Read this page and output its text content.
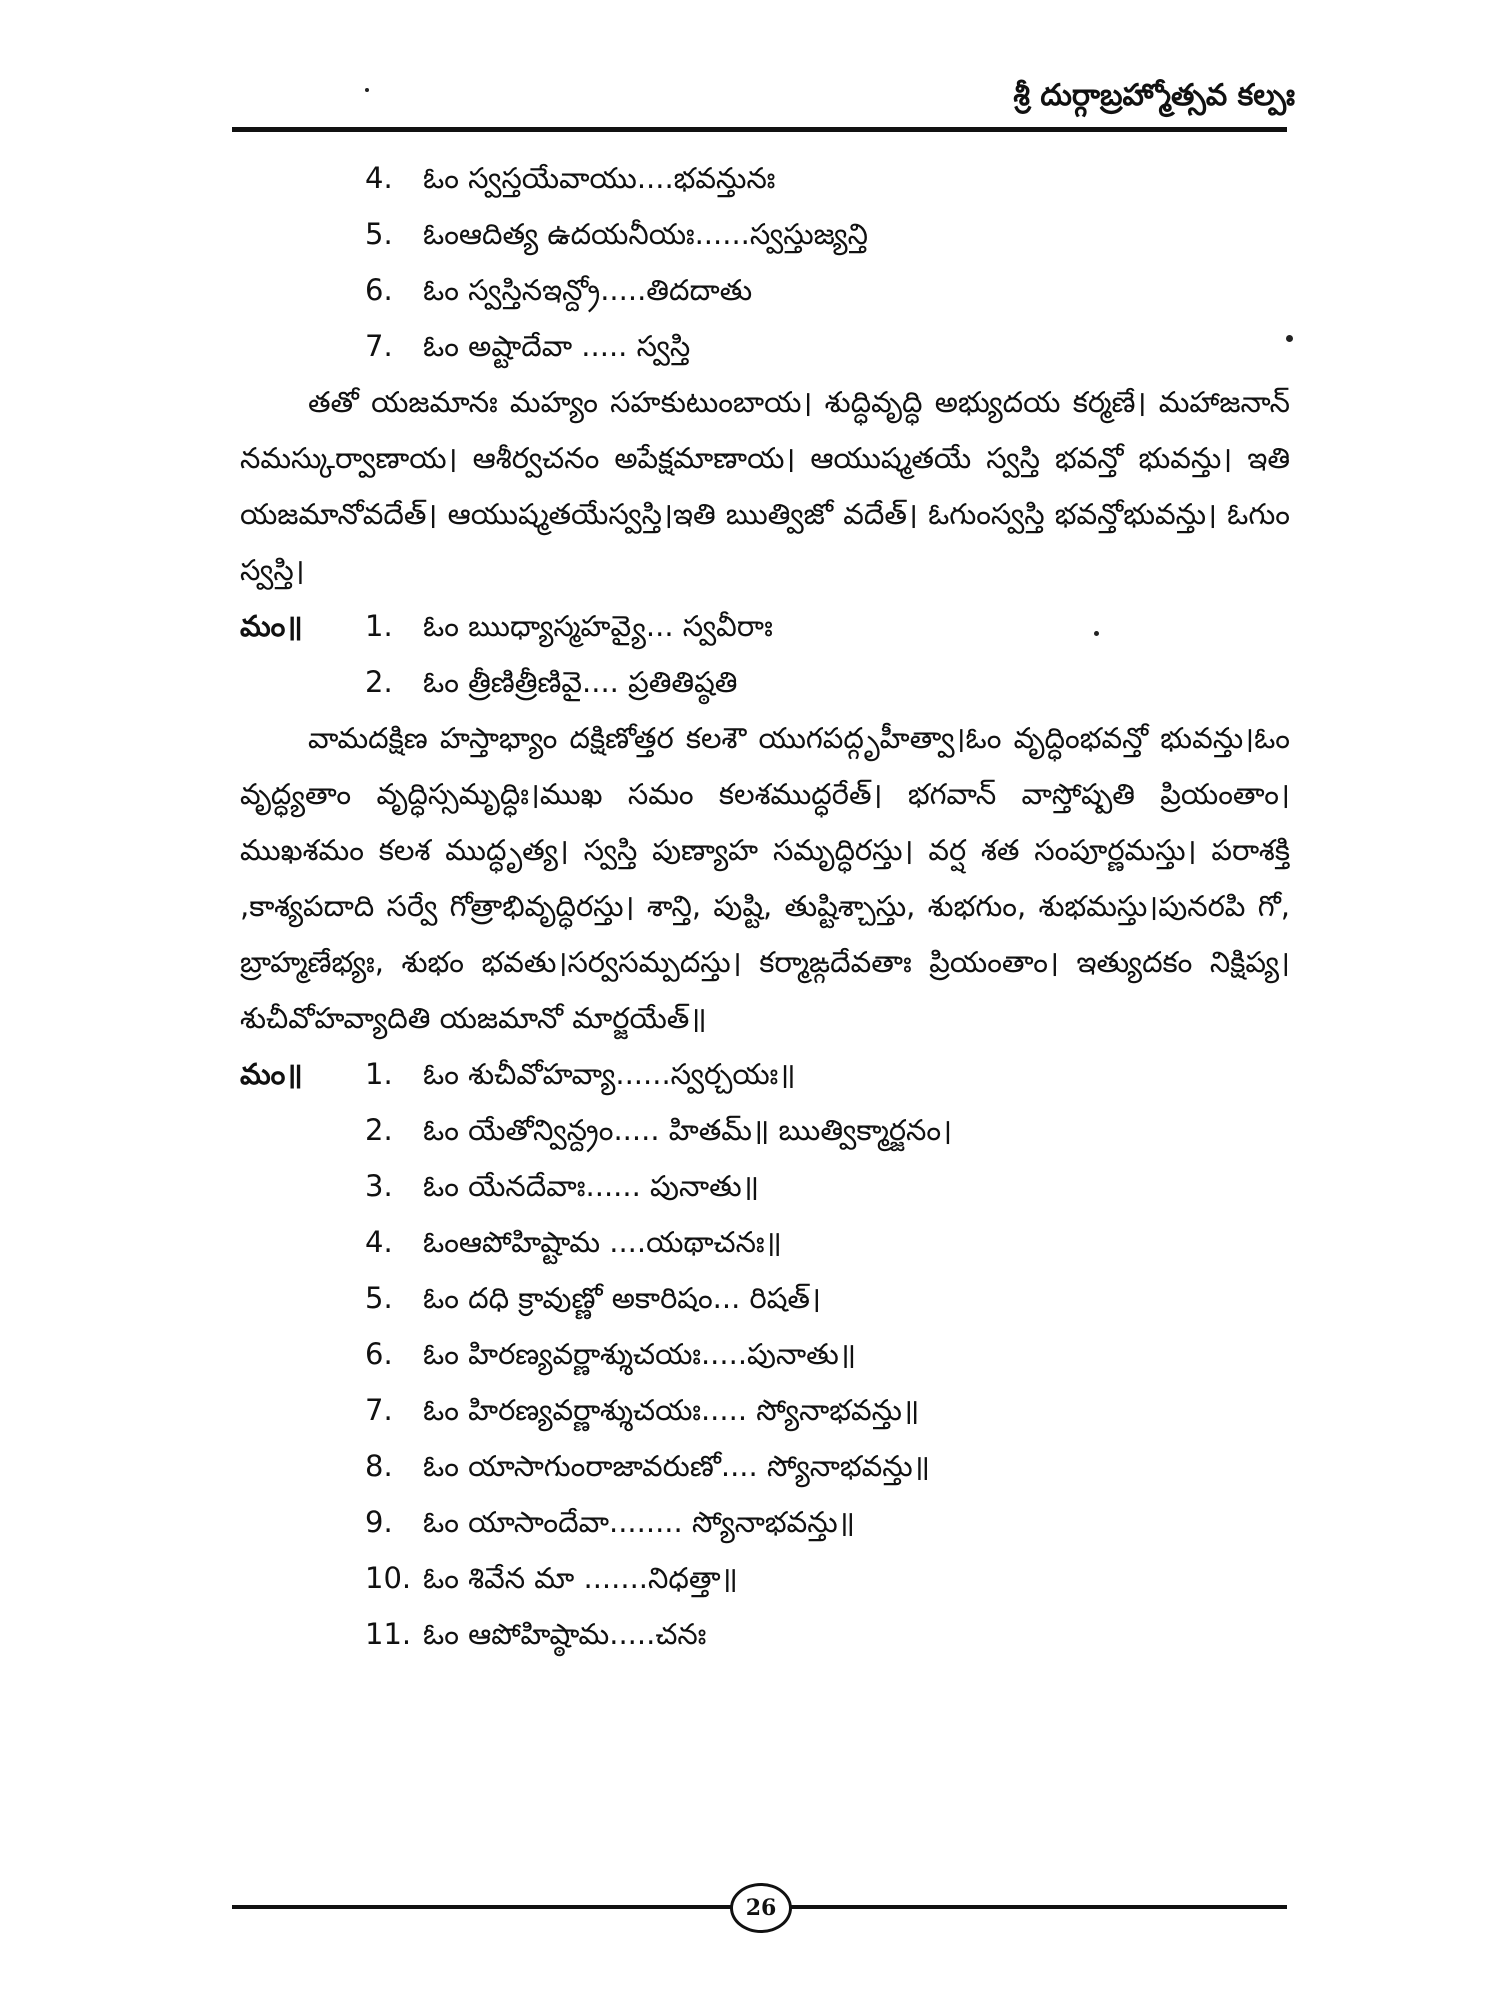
శ్రీ దుర్గాబ్రహ్మోత్సవ కల్పః
4. ఓం స్వస్తయేవాయు....భవన్తునః
5. ఓంఆదిత్య ఉదయనీయః......స్వస్తుజ్యన్తి
6. ఓం స్వస్తినఇన్ద్రో.....తిదదాతు
7. ఓం అష్టాదేవా ..... స్వస్తి

తతో యజమానః మహ్యం సహకుటుంబాయ। శుద్ధివృద్ధి అభ్యుదయ కర్మణే। మహాజనాన్ నమస్కుర్వాణాయ। ఆశీర్వచనం అపేక్షమాణాయ। ఆయుష్మతయే స్వస్తి భవన్తో భువన్తు। ఇతి యజమానోవదేత్। ఆయుష్మతయేస్వస్తి।ఇతి ఋత్విజో వదేత్। ఓగుంస్వస్తి భవన్తోభువన్తు। ఓగుం స్వస్తి।

మం॥ 1. ఓం ఋధ్యాస్మహవ్యై... స్వవీరాః
2. ఓం త్రీణిత్రీణివై.... ప్రతితిష్ఠతి

వామదక్షిణ హస్తాభ్యాం దక్షిణోత్తర కలశౌ యుగపద్గృహీత్వా।ఓం వృద్ధింభవన్తో భువన్తు।ఓం వృద్ధ్యతాం వృద్ధిస్సమృద్ధిః।ముఖ సమం కలశముద్ధరేత్। భగవాన్ వాస్తోష్పతి ప్రియంతాం।ముఖశమం కలశ ముద్ధృత్య। స్వస్తి పుణ్యాహ సమృద్ధిరస్తు। వర్ష శత సంపూర్ణమస్తు। పరాశక్తి ,కాశ్యపదాది సర్వే గోత్రాభివృద్ధిరస్తు। శాన్తి, పుష్టి, తుష్టిశ్చాస్తు, శుభగుం, శుభమస్తు।పునరపి గో, బ్రాహ్మణేభ్యః, శుభం భవతు।సర్వసమ్పదస్తు। కర్మాఙ్గదేవతాః ప్రియంతాం। ఇత్యుదకం నిక్షిప్య। శుచీవోహవ్యాదితి యజమానో మార్జయేత్॥

మం॥ 1. ఓం శుచీవోహవ్యా......స్వర్చయః॥
2. ఓం యేతోన్విన్ద్రం..... హితమ్॥ ఋత్విక్మార్జనం।
3. ఓం యేనదేవాః...... పునాతు॥
4. ఓంఆపోహిష్టామ ....యథాచనః॥
5. ఓం దధి క్రావుణ్ణో అకారిషం... రిషత్।
6. ఓం హిరణ్యవర్ణాశ్శుచయః.....పునాతు॥
7. ఓం హిరణ్యవర్ణాశ్శుచయః..... స్యోనాభవన్తు॥
8. ఓం యాసాగుంరాజావరుణో.... స్యోనాభవన్తు॥
9. ఓం యాసాందేవా........ స్యోనాభవన్తు॥
10. ఓం శివేన మా .......నిధత్తా॥
11. ఓం ఆపోహిష్ఠామ.....చనః
26
